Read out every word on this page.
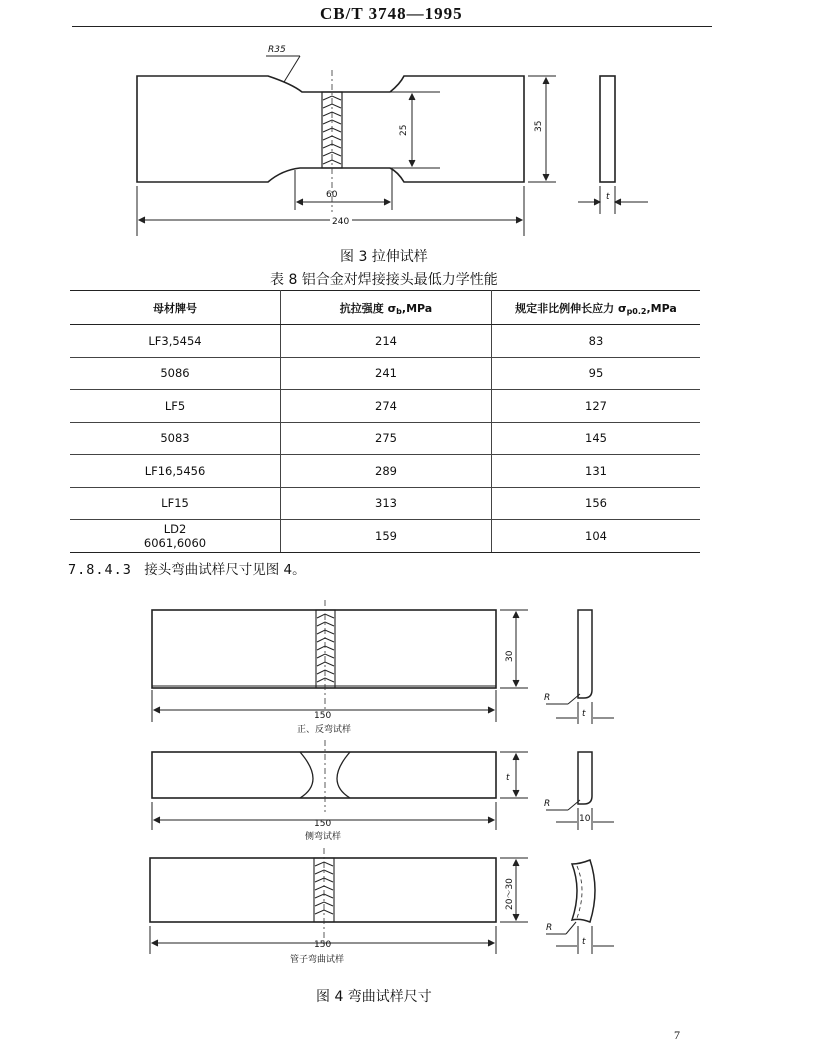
CB/T 3748—1995
R35
25	35
60
240
t
图 3 拉伸试样
表 8 铝合金对焊接接头最低力学性能
母材牌号	抗拉强度 $\sigma_b,MPa$	规定非比例伸长应力 $\sigma_{p0.2},MPa$
LF3,5454	214	83
5086	241	95
LF5	274	127
5083	275	145
LF16,5456	289	131
LF15	313	156

LD2
6061,6060	159	104
7.8.4.3 接头弯曲试样尺寸见图 4。
30
150
正、反弯试样
R
t
t
150
侧弯试样
R
10
20～30
150
管子弯曲试样
R
t
图 4 弯曲试样尺寸
7
